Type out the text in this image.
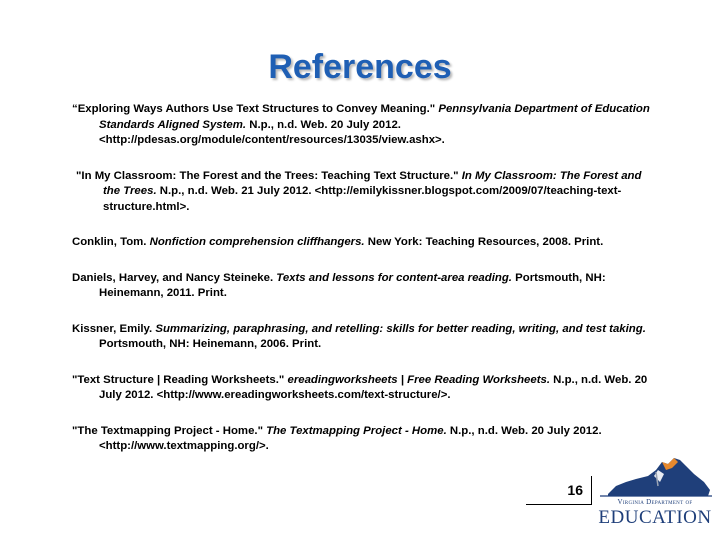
References

“Exploring Ways Authors Use Text Structures to Convey Meaning." Pennsylvania Department of Education Standards Aligned System. N.p., n.d. Web. 20 July 2012. <http://pdesas.org/module/content/resources/13035/view.ashx>.

"In My Classroom: The Forest and the Trees: Teaching Text Structure." In My Classroom: The Forest and the Trees. N.p., n.d. Web. 21 July 2012. <http://emilykissner.blogspot.com/2009/07/teaching-text-structure.html>.

Conklin, Tom. Nonfiction comprehension cliffhangers. New York: Teaching Resources, 2008. Print.

Daniels, Harvey, and Nancy Steineke. Texts and lessons for content-area reading. Portsmouth, NH: Heinemann, 2011. Print.

Kissner, Emily. Summarizing, paraphrasing, and retelling: skills for better reading, writing, and test taking. Portsmouth, NH: Heinemann, 2006. Print.

"Text Structure | Reading Worksheets." ereadingworksheets | Free Reading Worksheets. N.p., n.d. Web. 20 July 2012. <http://www.ereadingworksheets.com/text-structure/>.

"The Textmapping Project - Home." The Textmapping Project - Home. N.p., n.d. Web. 20 July 2012. <http://www.textmapping.org/>.

16
Virginia Department of
EDUCATION
